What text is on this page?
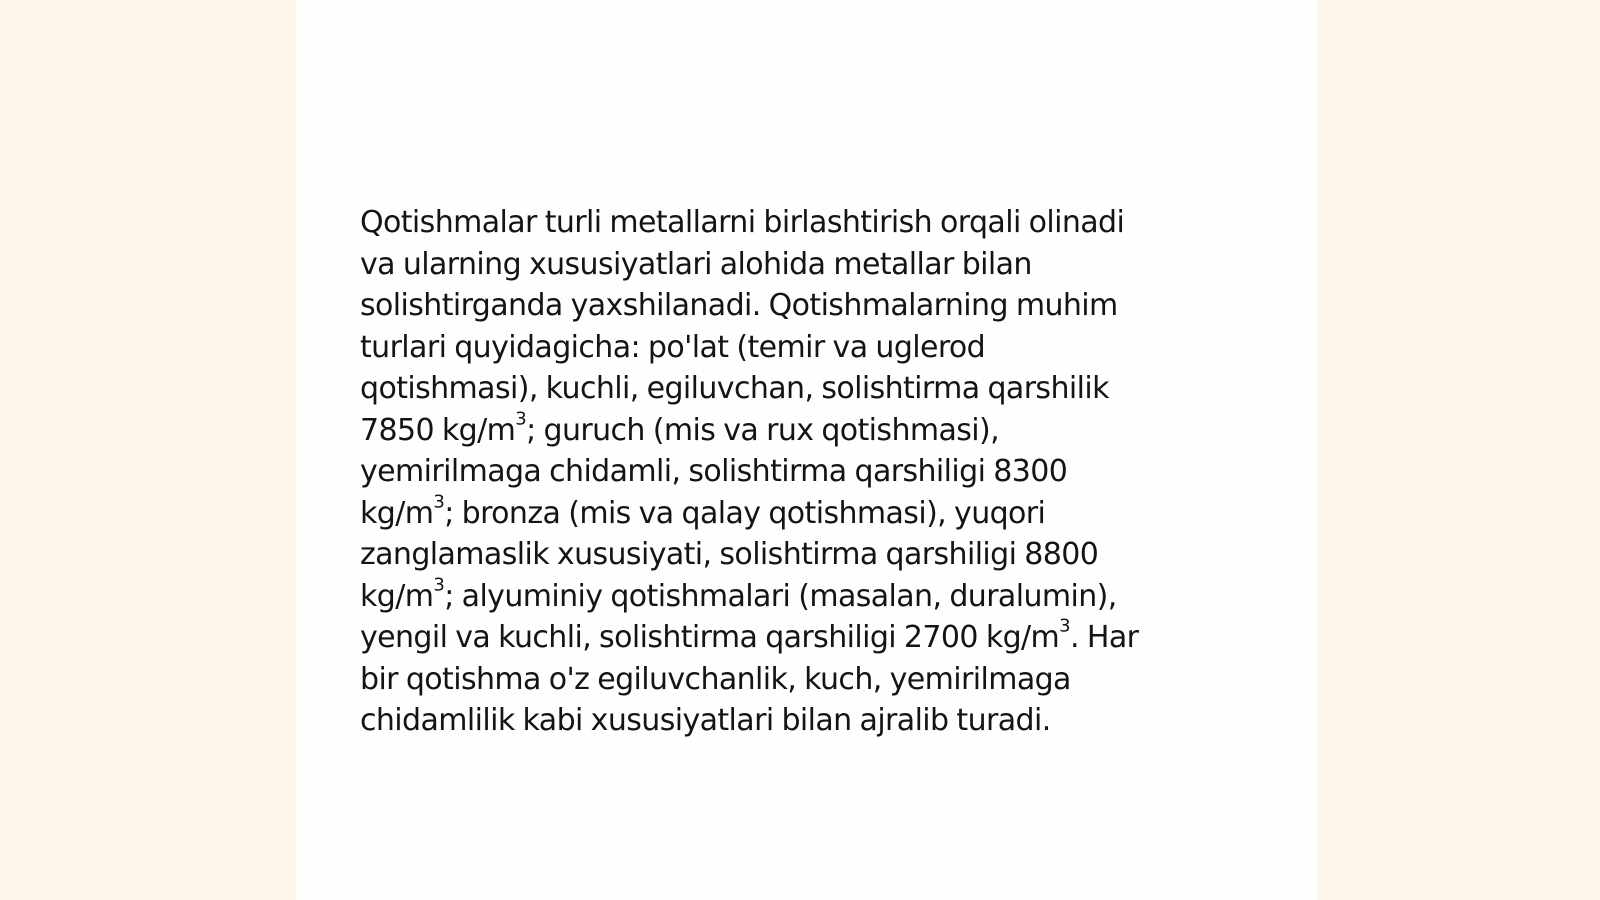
Qotishmalar turli metallarni birlashtirish orqali olinadi
va ularning xususiyatlari alohida metallar bilan
solishtirganda yaxshilanadi. Qotishmalarning muhim
turlari quyidagicha: po'lat (temir va uglerod
qotishmasi), kuchli, egiluvchan, solishtirma qarshilik
7850 $kg/m^3$; guruch (mis va rux qotishmasi),
yemirilmaga chidamli, solishtirma qarshiligi 8300
$kg/m^3$; bronza (mis va qalay qotishmasi), yuqori
zanglamaslik xususiyati, solishtirma qarshiligi 8800
$kg/m^3$; alyuminiy qotishmalari (masalan, duralumin),
yengil va kuchli, solishtirma qarshiligi 2700 $kg/m^3$. Har
bir qotishma o'z egiluvchanlik, kuch, yemirilmaga
chidamlilik kabi xususiyatlari bilan ajralib turadi.
